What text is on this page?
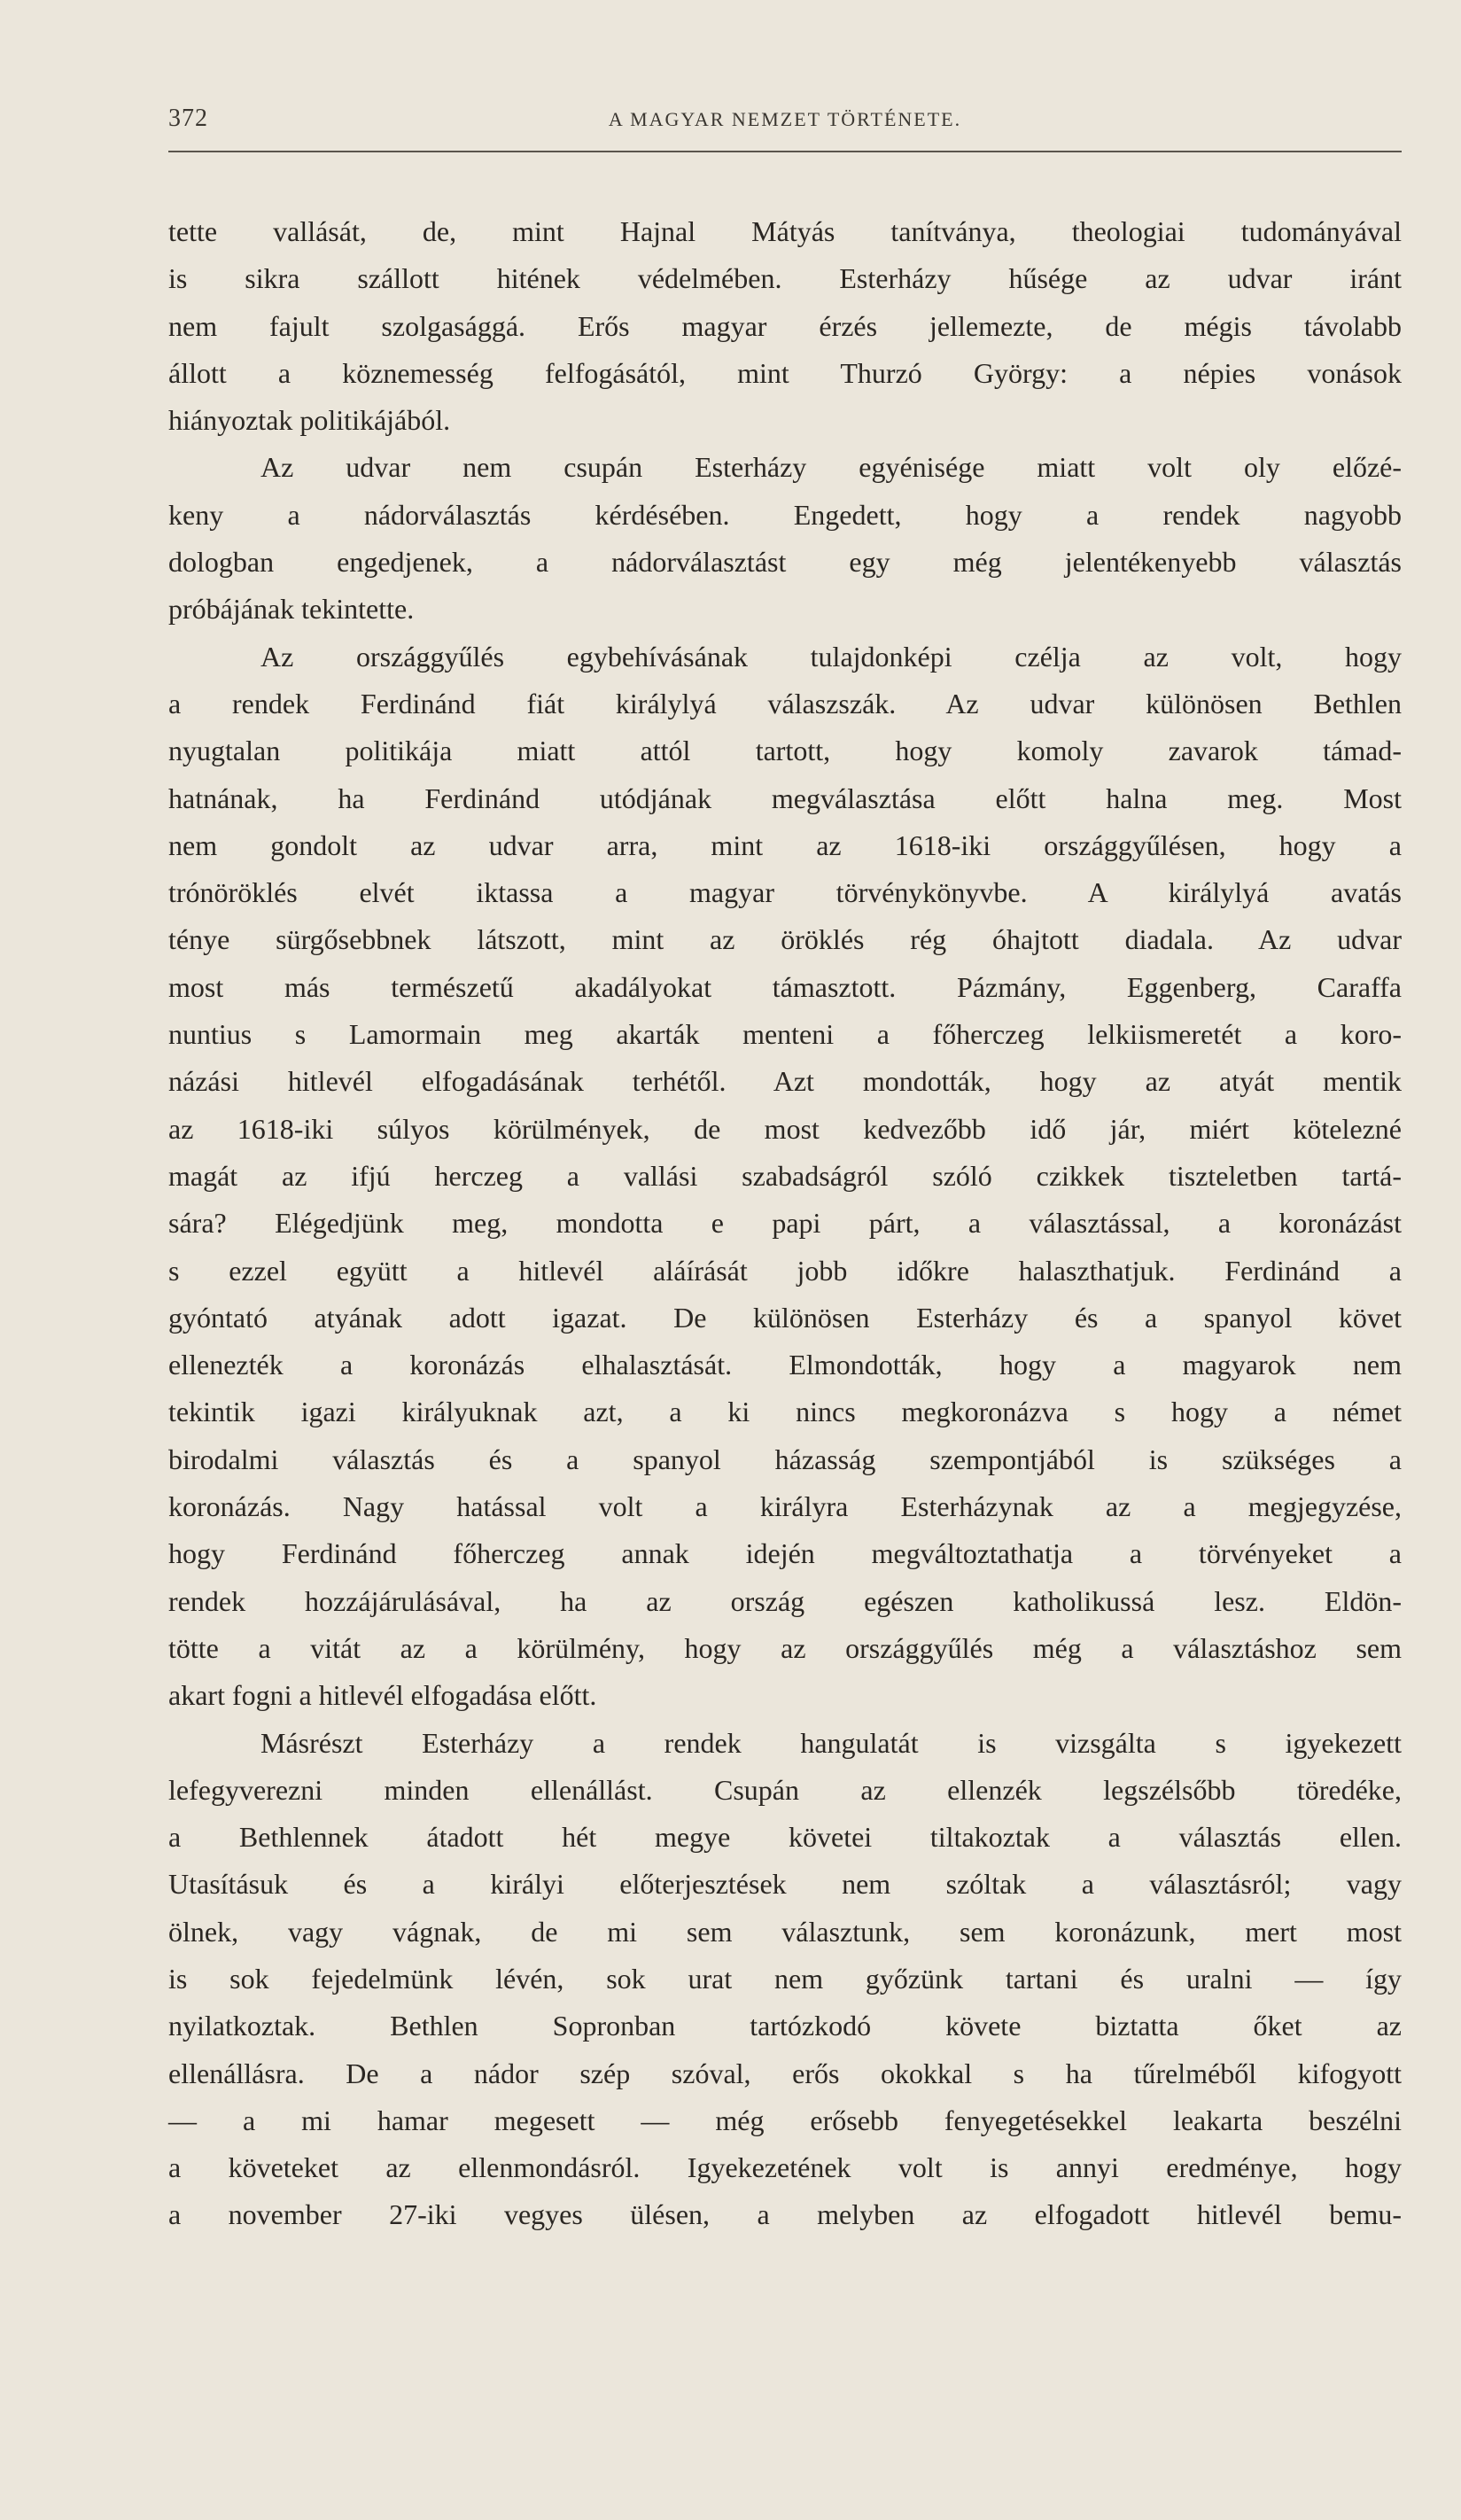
372	A MAGYAR NEMZET TÖRTÉNETE.
tette vallását, de, mint Hajnal Mátyás tanítványa, theologiai tudományával
is sikra szállott hitének védelmében. Esterházy hűsége az udvar iránt
nem fajult szolgasággá. Erős magyar érzés jellemezte, de mégis távolabb
állott a köznemesség felfogásától, mint Thurzó György: a népies vonások
hiányoztak politikájából.
Az udvar nem csupán Esterházy egyénisége miatt volt oly előzé-
keny a nádorválasztás kérdésében. Engedett, hogy a rendek nagyobb
dologban engedjenek, a nádorválasztást egy még jelentékenyebb választás
próbájának tekintette.
Az országgyűlés egybehívásának tulajdonképi czélja az volt, hogy
a rendek Ferdinánd fiát királylyá válaszszák. Az udvar különösen Bethlen
nyugtalan politikája miatt attól tartott, hogy komoly zavarok támad-
hatnának, ha Ferdinánd utódjának megválasztása előtt halna meg. Most
nem gondolt az udvar arra, mint az 1618-iki országgyűlésen, hogy a
trónöröklés elvét iktassa a magyar törvénykönyvbe. A királylyá avatás
ténye sürgősebbnek látszott, mint az öröklés rég óhajtott diadala. Az udvar
most más természetű akadályokat támasztott. Pázmány, Eggenberg, Caraffa
nuntius s Lamormain meg akarták menteni a főherczeg lelkiismeretét a koro-
názási hitlevél elfogadásának terhétől. Azt mondották, hogy az atyát mentik
az 1618-iki súlyos körülmények, de most kedvezőbb idő jár, miért kötelezné
magát az ifjú herczeg a vallási szabadságról szóló czikkek tiszteletben tartá-
sára? Elégedjünk meg, mondotta e papi párt, a választással, a koronázást
s ezzel együtt a hitlevél aláírását jobb időkre halaszthatjuk. Ferdinánd a
gyóntató atyának adott igazat. De különösen Esterházy és a spanyol követ
ellenezték a koronázás elhalasztását. Elmondották, hogy a magyarok nem
tekintik igazi királyuknak azt, a ki nincs megkoronázva s hogy a német
birodalmi választás és a spanyol házasság szempontjából is szükséges a
koronázás. Nagy hatással volt a királyra Esterházynak az a megjegyzése,
hogy Ferdinánd főherczeg annak idején megváltoztathatja a törvényeket a
rendek hozzájárulásával, ha az ország egészen katholikussá lesz. Eldön-
tötte a vitát az a körülmény, hogy az országgyűlés még a választáshoz sem
akart fogni a hitlevél elfogadása előtt.
Másrészt Esterházy a rendek hangulatát is vizsgálta s igyekezett
lefegyverezni minden ellenállást. Csupán az ellenzék legszélsőbb töredéke,
a Bethlennek átadott hét megye követei tiltakoztak a választás ellen.
Utasításuk és a királyi előterjesztések nem szóltak a választásról; vagy
ölnek, vagy vágnak, de mi sem választunk, sem koronázunk, mert most
is sok fejedelmünk lévén, sok urat nem győzünk tartani és uralni — így
nyilatkoztak. Bethlen Sopronban tartózkodó követe biztatta őket az
ellenállásra. De a nádor szép szóval, erős okokkal s ha tűrelméből kifogyott
— a mi hamar megesett — még erősebb fenyegetésekkel leakarta beszélni
a követeket az ellenmondásról. Igyekezetének volt is annyi eredménye, hogy
a november 27-iki vegyes ülésen, a melyben az elfogadott hitlevél bemu-
